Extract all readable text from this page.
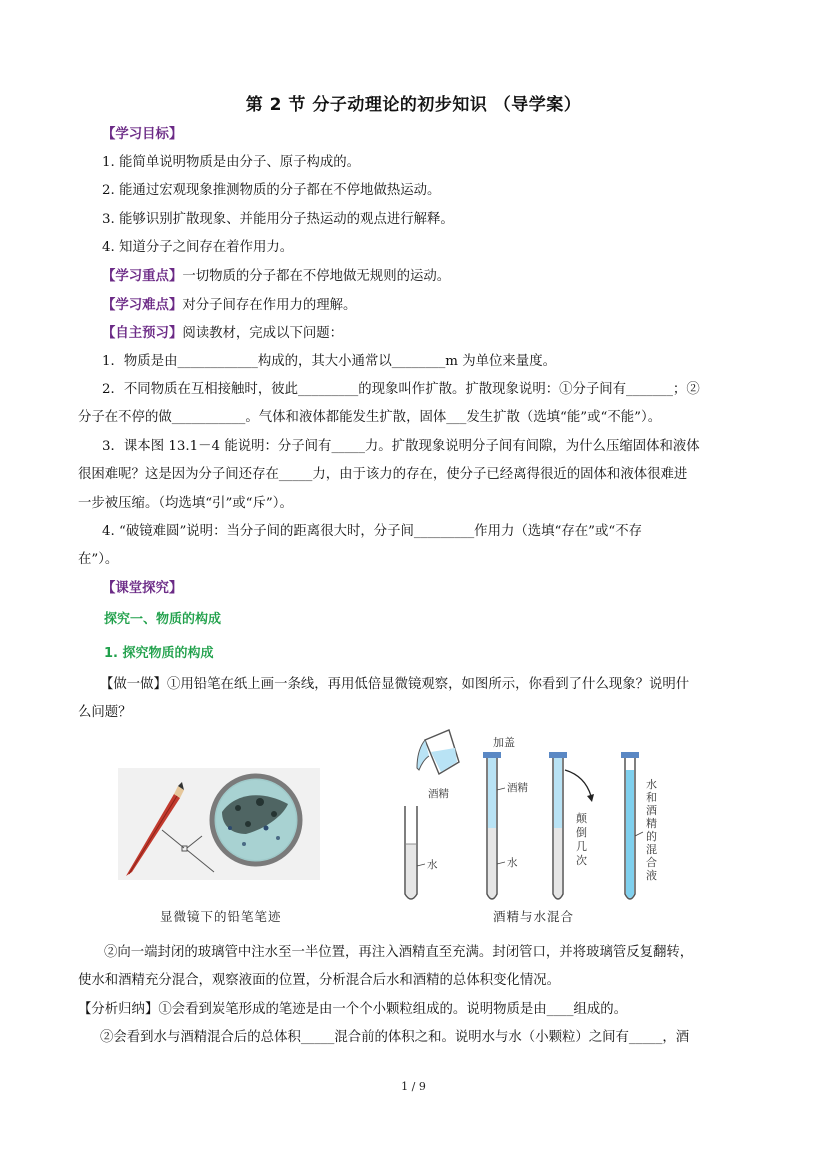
第 2 节 分子动理论的初步知识 （导学案）
【学习目标】
1. 能简单说明物质是由分子、原子构成的。
2. 能通过宏观现象推测物质的分子都在不停地做热运动。
3. 能够识别扩散现象、并能用分子热运动的观点进行解释。
4. 知道分子之间存在着作用力。
【学习重点】一切物质的分子都在不停地做无规则的运动。
【学习难点】对分子间存在作用力的理解。
【自主预习】阅读教材，完成以下问题：
1．物质是由____________构成的，其大小通常以________m 为单位来量度。
2．不同物质在互相接触时，彼此_________的现象叫作扩散。扩散现象说明：①分子间有_______；②
分子在不停的做___________。气体和液体都能发生扩散，固体___发生扩散（选填“能”或“不能”）。
3．课本图 13.1－4 能说明：分子间有_____力。扩散现象说明分子间有间隙，为什么压缩固体和液体
很困难呢？这是因为分子间还存在_____力，由于该力的存在，使分子已经离得很近的固体和液体很难进
一步被压缩。（均选填“引”或“斥”）。
4. “破镜难圆”说明：当分子间的距离很大时，分子间_________作用力（选填“存在”或“不存
在”）。
【课堂探究】
探究一、物质的构成
1. 探究物质的构成
【做一做】①用铅笔在纸上画一条线，再用低倍显微镜观察，如图所示，你看到了什么现象？说明什
么问题？
显微镜下的铅笔笔迹
加盖
酒精
水
酒精
水
颠倒几次
水和酒精的混合液
酒精与水混合
②向一端封闭的玻璃管中注水至一半位置，再注入酒精直至充满。封闭管口，并将玻璃管反复翻转，
使水和酒精充分混合，观察液面的位置，分析混合后水和酒精的总体积变化情况。
【分析归纳】①会看到炭笔形成的笔迹是由一个个小颗粒组成的。说明物质是由____组成的。
②会看到水与酒精混合后的总体积_____混合前的体积之和。说明水与水（小颗粒）之间有_____，酒
1 / 9
